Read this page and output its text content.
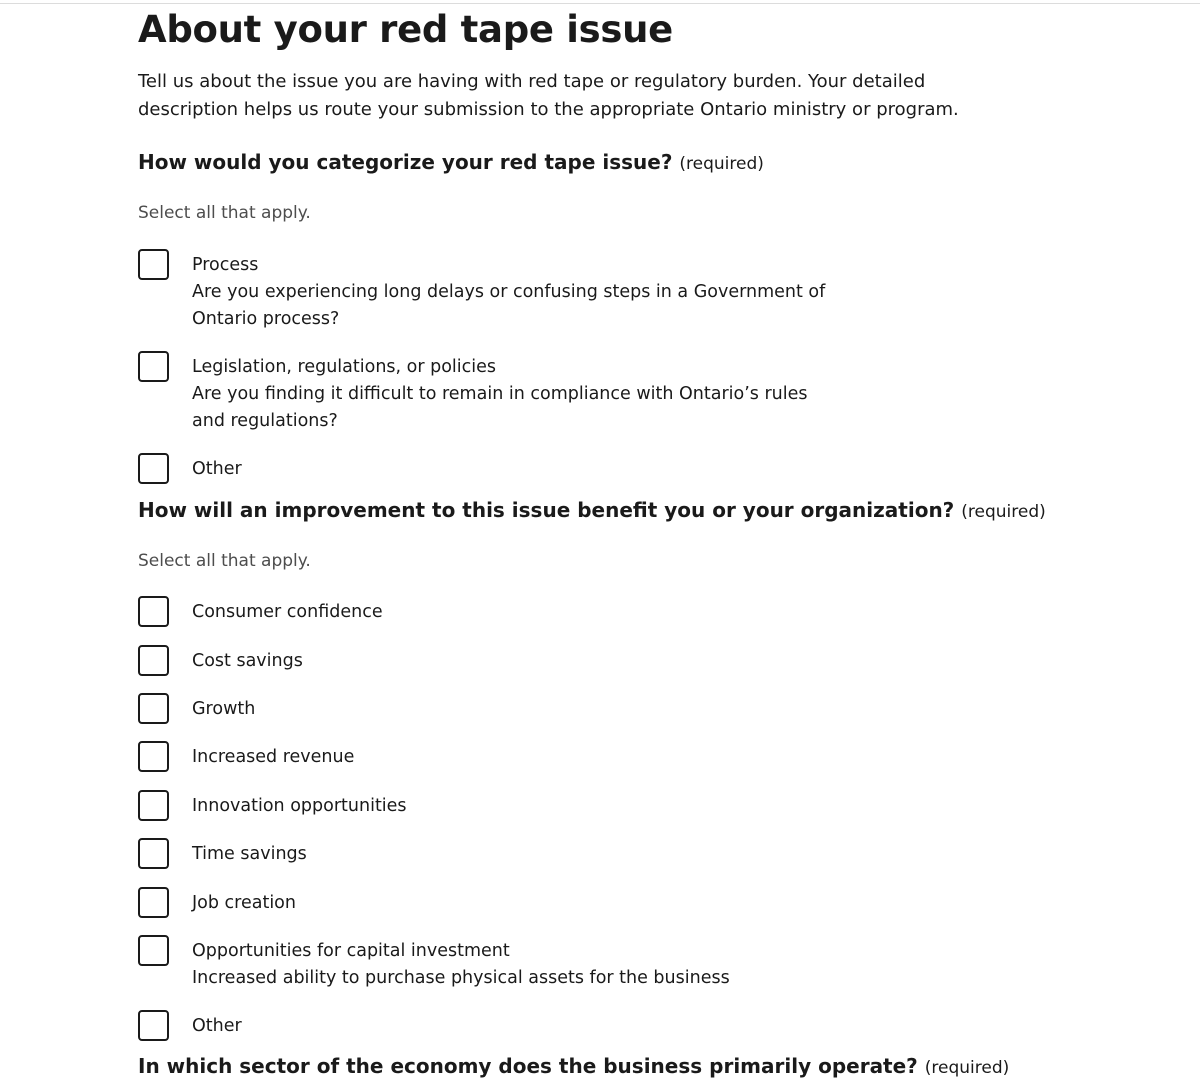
About your red tape issue

Tell us about the issue you are having with red tape or regulatory burden. Your detailed description helps us route your submission to the appropriate Ontario ministry or program.

How would you categorize your red tape issue? (required)

Select all that apply.

Process
Are you experiencing long delays or confusing steps in a Government of Ontario process?
Legislation, regulations, or policies
Are you finding it difficult to remain in compliance with Ontario’s rules and regulations?
Other
How will an improvement to this issue benefit you or your organization? (required)

Select all that apply.

Consumer confidence
Cost savings
Growth
Increased revenue
Innovation opportunities
Time savings
Job creation
Opportunities for capital investment
Increased ability to purchase physical assets for the business
Other
In which sector of the economy does the business primarily operate? (required)
